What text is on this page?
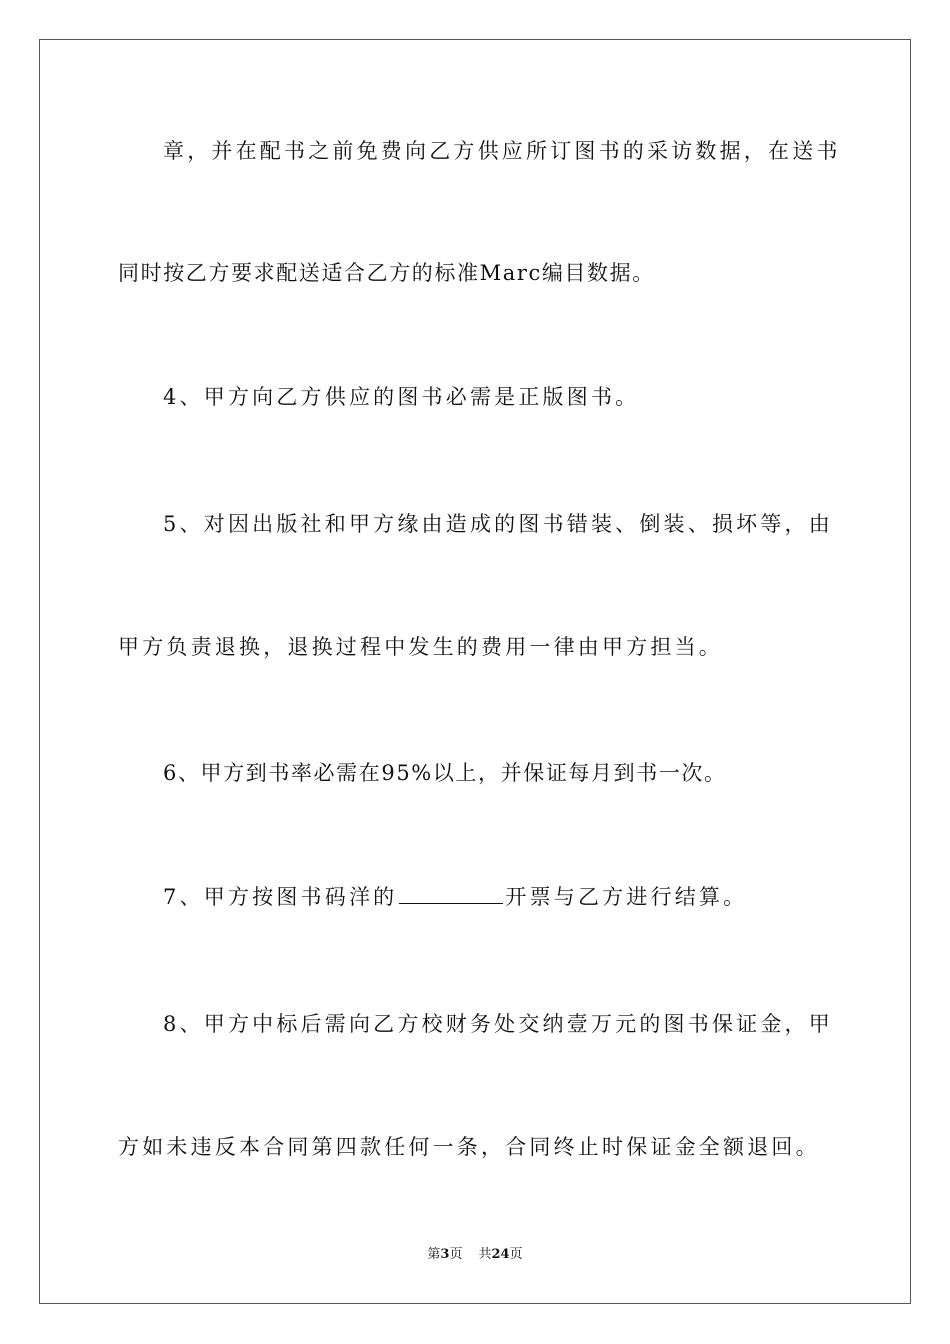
章，并在配书之前免费向乙方供应所订图书的采访数据，在送书
同时按乙方要求配送适合乙方的标准Marc编目数据。
4、甲方向乙方供应的图书必需是正版图书。
5、对因出版社和甲方缘由造成的图书错装、倒装、损坏等，由
甲方负责退换，退换过程中发生的费用一律由甲方担当。
6、甲方到书率必需在95%以上，并保证每月到书一次。
7、甲方按图书码洋的	开票与乙方进行结算。
8、甲方中标后需向乙方校财务处交纳壹万元的图书保证金，甲
方如未违反本合同第四款任何一条，合同终止时保证金全额退回。
第3页 共24页
